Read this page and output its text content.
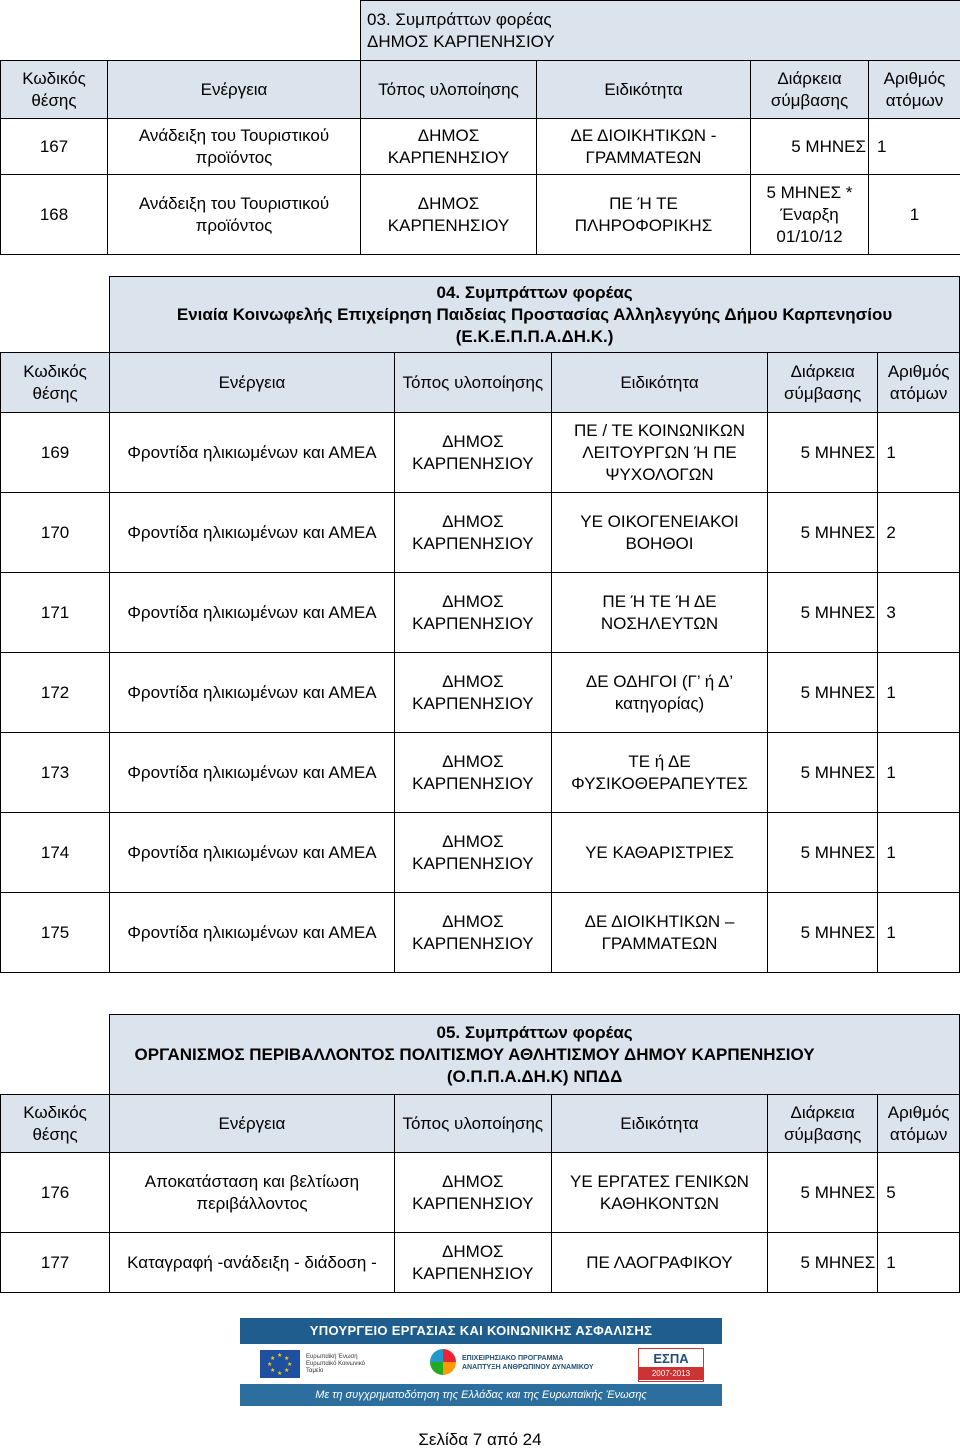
		03. Συμπράττων φορέας
ΔΗΜΟΣ ΚΑΡΠΕΝΗΣΙΟΥ			

Κωδικός θέσης	Ενέργεια	Τόπος υλοποίησης	Ειδικότητα	Διάρκεια σύμβασης	Αριθμός ατόμων
167	Ανάδειξη του Τουριστικού προϊόντος	ΔΗΜΟΣ ΚΑΡΠΕΝΗΣΙΟΥ	ΔΕ ΔΙΟΙΚΗΤΙΚΩΝ - ΓΡΑΜΜΑΤΕΩΝ	5 ΜΗΝΕΣ	1
168	Ανάδειξη του Τουριστικού προϊόντος	ΔΗΜΟΣ ΚΑΡΠΕΝΗΣΙΟΥ	ΠΕ Ή ΤΕ ΠΛΗΡΟΦΟΡΙΚΗΣ	5 ΜΗΝΕΣ * Έναρξη 01/10/12	1

	04. Συμπράττων φορέας
Ενιαία Κοινωφελής Επιχείρηση Παιδείας Προστασίας Αλληλεγγύης Δήμου Καρπενησίου
(Ε.Κ.Ε.Π.Π.Α.ΔΗ.Κ.)				

Κωδικός θέσης	Ενέργεια	Τόπος υλοποίησης	Ειδικότητα	Διάρκεια σύμβασης	Αριθμός ατόμων
169	Φροντίδα ηλικιωμένων και ΑΜΕΑ	ΔΗΜΟΣ ΚΑΡΠΕΝΗΣΙΟΥ	ΠΕ / ΤΕ ΚΟΙΝΩΝΙΚΩΝ ΛΕΙΤΟΥΡΓΩΝ Ή ΠΕ ΨΥΧΟΛΟΓΩΝ	5 ΜΗΝΕΣ	1
170	Φροντίδα ηλικιωμένων και ΑΜΕΑ	ΔΗΜΟΣ ΚΑΡΠΕΝΗΣΙΟΥ	ΥΕ ΟΙΚΟΓΕΝΕΙΑΚΟΙ ΒΟΗΘΟΙ	5 ΜΗΝΕΣ	2
171	Φροντίδα ηλικιωμένων και ΑΜΕΑ	ΔΗΜΟΣ ΚΑΡΠΕΝΗΣΙΟΥ	ΠΕ Ή ΤΕ Ή ΔΕ ΝΟΣΗΛΕΥΤΩΝ	5 ΜΗΝΕΣ	3
172	Φροντίδα ηλικιωμένων και ΑΜΕΑ	ΔΗΜΟΣ ΚΑΡΠΕΝΗΣΙΟΥ	ΔΕ ΟΔΗΓΟΙ (Γ’ ή Δ’ κατηγορίας)	5 ΜΗΝΕΣ	1
173	Φροντίδα ηλικιωμένων και ΑΜΕΑ	ΔΗΜΟΣ ΚΑΡΠΕΝΗΣΙΟΥ	ΤΕ ή ΔΕ ΦΥΣΙΚΟΘΕΡΑΠΕΥΤΕΣ	5 ΜΗΝΕΣ	1
174	Φροντίδα ηλικιωμένων και ΑΜΕΑ	ΔΗΜΟΣ ΚΑΡΠΕΝΗΣΙΟΥ	ΥΕ ΚΑΘΑΡΙΣΤΡΙΕΣ	5 ΜΗΝΕΣ	1
175	Φροντίδα ηλικιωμένων και ΑΜΕΑ	ΔΗΜΟΣ ΚΑΡΠΕΝΗΣΙΟΥ	ΔΕ ΔΙΟΙΚΗΤΙΚΩΝ – ΓΡΑΜΜΑΤΕΩΝ	5 ΜΗΝΕΣ	1

	05. Συμπράττων φορέας
ΟΡΓΑΝΙΣΜΟΣ ΠΕΡΙΒΑΛΛΟΝΤΟΣ ΠΟΛΙΤΙΣΜΟΥ ΑΘΛΗΤΙΣΜΟΥ ΔΗΜΟΥ ΚΑΡΠΕΝΗΣΙΟΥ
(Ο.Π.Π.Α.ΔΗ.Κ) ΝΠΔΔ				

Κωδικός θέσης	Ενέργεια	Τόπος υλοποίησης	Ειδικότητα	Διάρκεια σύμβασης	Αριθμός ατόμων
176	Αποκατάσταση και βελτίωση περιβάλλοντος	ΔΗΜΟΣ ΚΑΡΠΕΝΗΣΙΟΥ	ΥΕ ΕΡΓΑΤΕΣ ΓΕΝΙΚΩΝ ΚΑΘΗΚΟΝΤΩΝ	5 ΜΗΝΕΣ	5
177	Καταγραφή -ανάδειξη - διάδοση -	ΔΗΜΟΣ ΚΑΡΠΕΝΗΣΙΟΥ	ΠΕ ΛΑΟΓΡΑΦΙΚΟΥ	5 ΜΗΝΕΣ	1
ΥΠΟΥΡΓΕΙΟ ΕΡΓΑΣΙΑΣ ΚΑΙ ΚΟΙΝΩΝΙΚΗΣ ΑΣΦΑΛΙΣΗΣ
★ ★
★
★
★
★
★
★	Ευρωπαϊκή Ένωση Ευρωπαϊκό Κοινωνικό Ταμείο
ΕΠΙΧΕΙΡΗΣΙΑΚΟ ΠΡΟΓΡΑΜΜΑ
ΑΝΑΠΤΥΞΗ ΑΝΘΡΩΠΙΝΟΥ ΔΥΝΑΜΙΚΟΥ
ΕΣΠΑ
2007-2013
Με τη συγχρηματοδότηση της Ελλάδας και της Ευρωπαϊκής Ένωσης
Σελίδα 7 από 24
